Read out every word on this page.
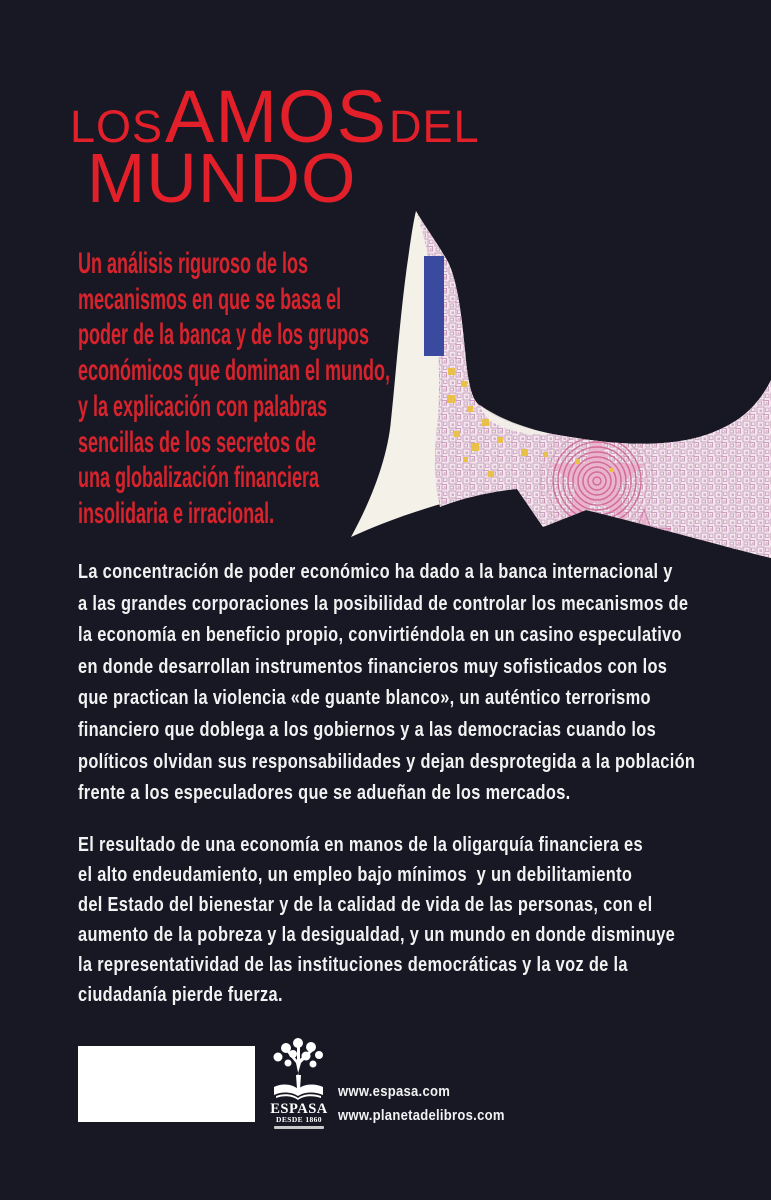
LOS AMOS DEL
MUNDO
Un análisis riguroso de los
mecanismos en que se basa el
poder de la banca y de los grupos
económicos que dominan el mundo,
y la explicación con palabras
sencillas de los secretos de
una globalización financiera
insolidaria e irracional.
La concentración de poder económico ha dado a la banca internacional y
a las grandes corporaciones la posibilidad de controlar los mecanismos de
la economía en beneficio propio, convirtiéndola en un casino especulativo
en donde desarrollan instrumentos financieros muy sofisticados con los
que practican la violencia «de guante blanco», un auténtico terrorismo
financiero que doblega a los gobiernos y a las democracias cuando los
políticos olvidan sus responsabilidades y dejan desprotegida a la población
frente a los especuladores que se adueñan de los mercados.
El resultado de una economía en manos de la oligarquía financiera es
el alto endeudamiento, un empleo bajo mínimos  y un debilitamiento
del Estado del bienestar y de la calidad de vida de las personas, con el
aumento de la pobreza y la desigualdad, y un mundo en donde disminuye
la representatividad de las instituciones democráticas y la voz de la
ciudadanía pierde fuerza.
ESPASA
DESDE 1860
www.espasa.com
www.planetadelibros.com
